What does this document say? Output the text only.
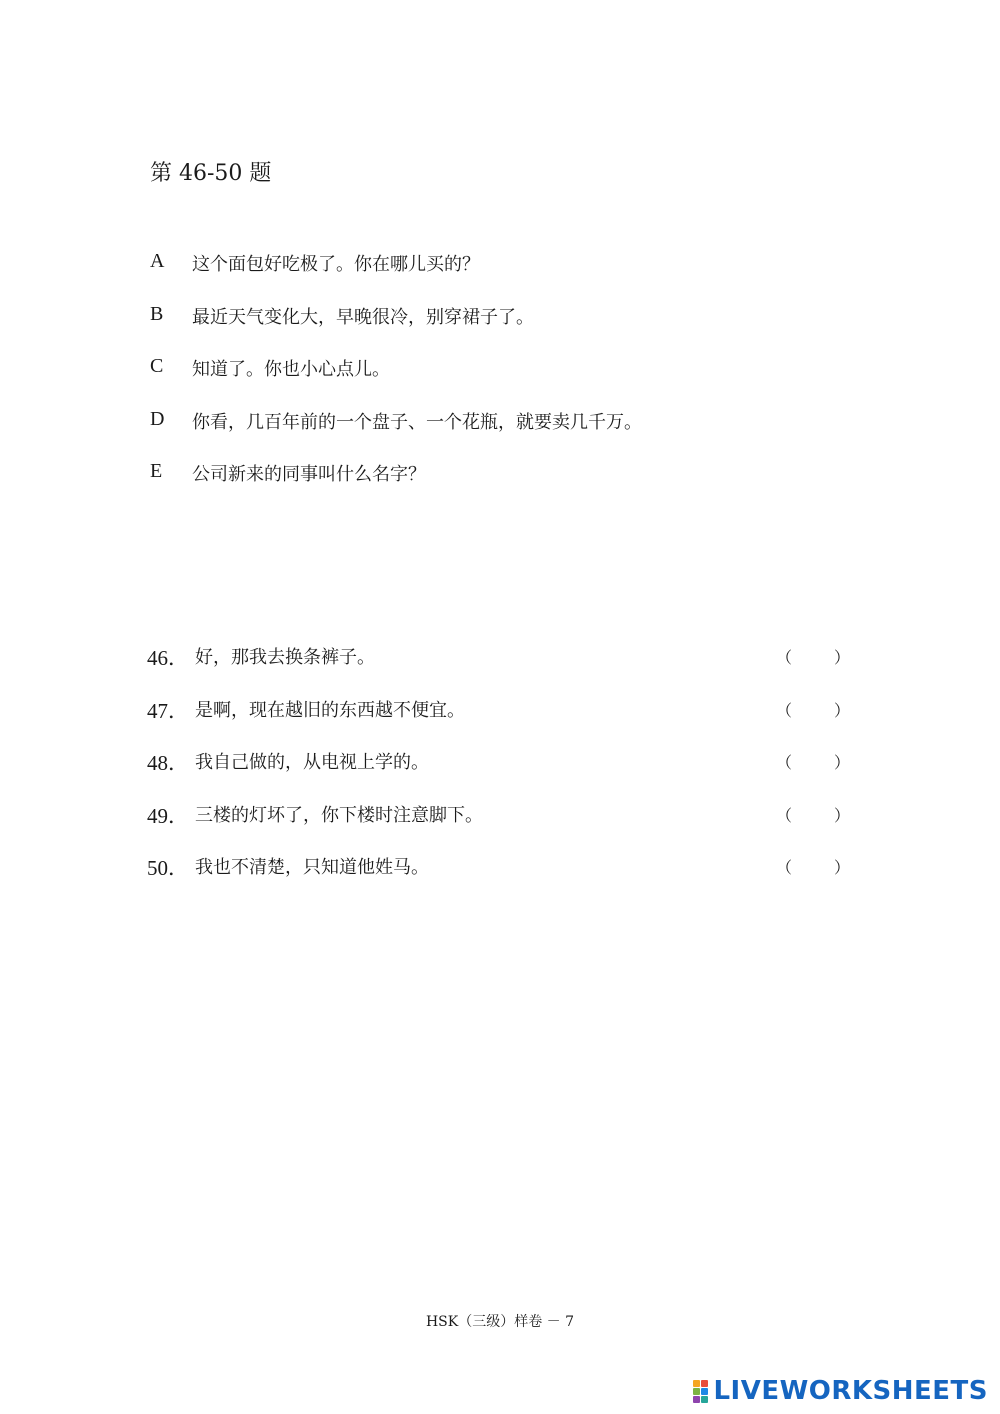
第 46-50 题
A	这个面包好吃极了。你在哪儿买的？
B	最近天气变化大，早晚很冷，别穿裙子了。
C	知道了。你也小心点儿。
D	你看，几百年前的一个盘子、一个花瓶，就要卖几千万。
E	公司新来的同事叫什么名字？
46． 好，那我去换条裤子。	（	）
47． 是啊，现在越旧的东西越不便宜。	（	）
48． 我自己做的，从电视上学的。	（	）
49． 三楼的灯坏了，你下楼时注意脚下。	（	）
50． 我也不清楚，只知道他姓马。	（	）
HSK（三级）样卷 － 7
LIVEWORKSHEETS
